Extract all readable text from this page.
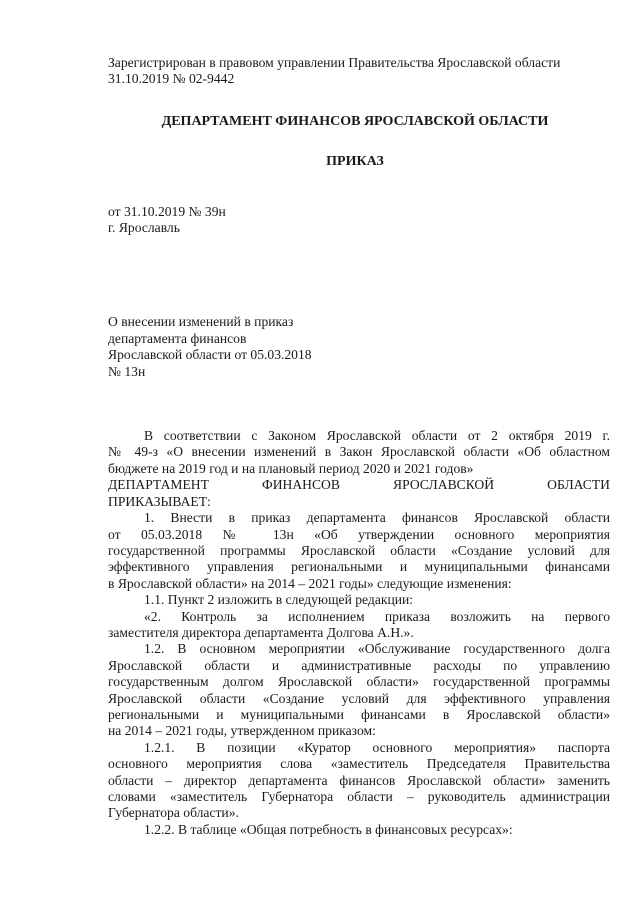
Зарегистрирован в правовом управлении Правительства Ярославской области
31.10.2019 № 02-9442
ДЕПАРТАМЕНТ ФИНАНСОВ ЯРОСЛАВСКОЙ ОБЛАСТИ
ПРИКАЗ
от 31.10.2019 № 39н
г. Ярославль
О внесении изменений в приказ
департамента финансов
Ярославской области от 05.03.2018
№ 13н
В соответствии с Законом Ярославской области от 2 октября 2019 г.
№ 49-з «О внесении изменений в Закон Ярославской области «Об областном
бюджете на 2019 год и на плановый период 2020 и 2021 годов»
ДЕПАРТАМЕНТ ФИНАНСОВ ЯРОСЛАВСКОЙ ОБЛАСТИ
ПРИКАЗЫВАЕТ:
1. Внести в приказ департамента финансов Ярославской области
от 05.03.2018 № 13н «Об утверждении основного мероприятия
государственной программы Ярославской области «Создание условий для
эффективного управления региональными и муниципальными финансами
в Ярославской области» на 2014 – 2021 годы» следующие изменения:
1.1. Пункт 2 изложить в следующей редакции:
«2. Контроль за исполнением приказа возложить на первого
заместителя директора департамента Долгова А.Н.».
1.2. В основном мероприятии «Обслуживание государственного долга
Ярославской области и административные расходы по управлению
государственным долгом Ярославской области» государственной программы
Ярославской области «Создание условий для эффективного управления
региональными и муниципальными финансами в Ярославской области»
на 2014 – 2021 годы, утвержденном приказом:
1.2.1. В позиции «Куратор основного мероприятия» паспорта
основного мероприятия слова «заместитель Председателя Правительства
области – директор департамента финансов Ярославской области» заменить
словами «заместитель Губернатора области – руководитель администрации
Губернатора области».
1.2.2. В таблице «Общая потребность в финансовых ресурсах»:
